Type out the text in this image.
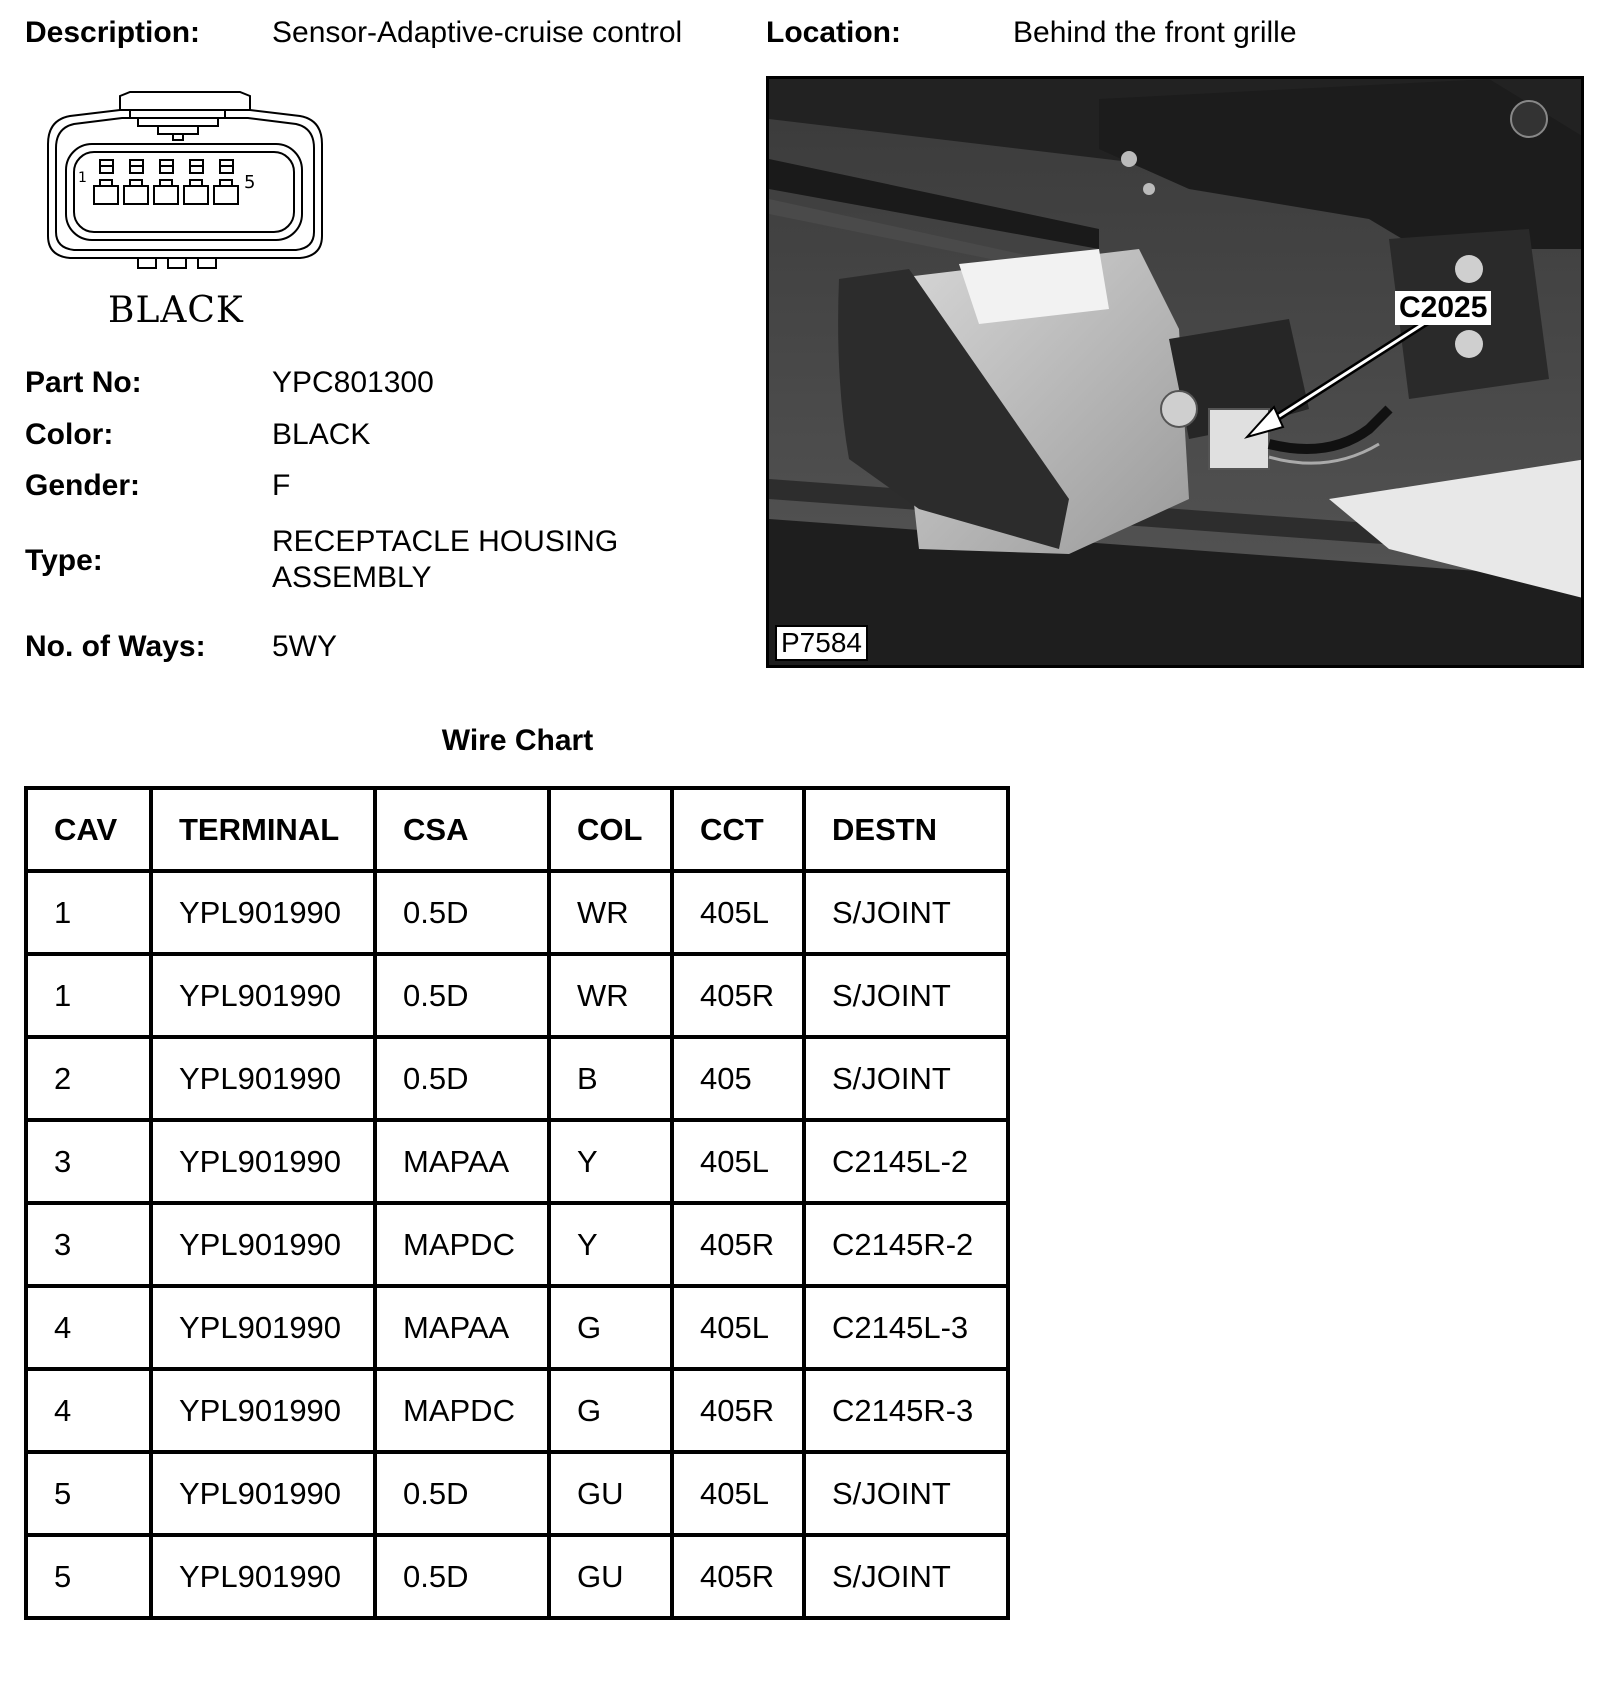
Description: Sensor-Adaptive-cruise control	Location:	Behind the front grille
1	5
BLACK
Part No:	YPC801300
Color:	BLACK
Gender:	F
Type:
RECEPTACLE HOUSING ASSEMBLY
No. of Ways: 5WY
C2025
P7584
Wire Chart
CAV	TERMINAL	CSA	COL	CCT	DESTN
1	YPL901990	0.5D	WR	405L	S/JOINT
1	YPL901990	0.5D	WR	405R	S/JOINT
2	YPL901990	0.5D	B	405	S/JOINT
3	YPL901990	MAPAA	Y	405L	C2145L-2
3	YPL901990	MAPDC	Y	405R	C2145R-2
4	YPL901990	MAPAA	G	405L	C2145L-3
4	YPL901990	MAPDC	G	405R	C2145R-3
5	YPL901990	0.5D	GU	405L	S/JOINT
5	YPL901990	0.5D	GU	405R	S/JOINT
